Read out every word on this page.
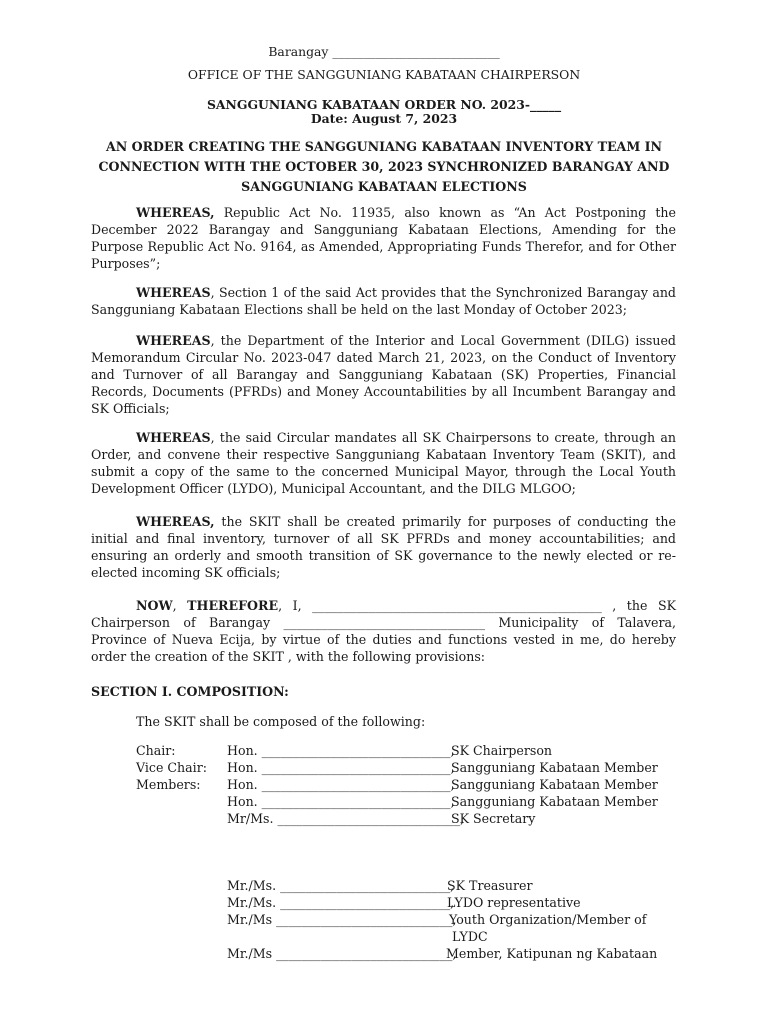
Barangay ___________________________
OFFICE OF THE SANGGUNIANG KABATAAN CHAIRPERSON
SANGGUNIANG KABATAAN ORDER NO. 2023-_____
Date: August 7, 2023
AN ORDER CREATING THE SANGGUNIANG KABATAAN INVENTORY TEAM IN
CONNECTION WITH THE OCTOBER 30, 2023 SYNCHRONIZED BARANGAY AND
SANGGUNIANG KABATAAN ELECTIONS
WHEREAS, Republic Act No. 11935, also known as “An Act Postponing the December 2022 Barangay and Sangguniang Kabataan Elections, Amending for the Purpose Republic Act No. 9164, as Amended, Appropriating Funds Therefor, and for Other Purposes”;
WHEREAS, Section 1 of the said Act provides that the Synchronized Barangay and Sangguniang Kabataan Elections shall be held on the last Monday of October 2023;
WHEREAS, the Department of the Interior and Local Government (DILG) issued Memorandum Circular No. 2023-047 dated March 21, 2023, on the Conduct of Inventory and Turnover of all Barangay and Sangguniang Kabataan (SK) Properties, Financial Records, Documents (PFRDs) and Money Accountabilities by all Incumbent Barangay and SK Officials;
WHEREAS, the said Circular mandates all SK Chairpersons to create, through an Order, and convene their respective Sangguniang Kabataan Inventory Team (SKIT), and submit a copy of the same to the concerned Municipal Mayor, through the Local Youth Development Officer (LYDO), Municipal Accountant, and the DILG MLGOO;
WHEREAS, the SKIT shall be created primarily for purposes of conducting the initial and final inventory, turnover of all SK PFRDs and money accountabilities; and ensuring an orderly and smooth transition of SK governance to the newly elected or re-elected incoming SK officials;
NOW, THEREFORE, I, ______________________________________________ , the SK Chairperson of Barangay ________________________________ Municipality of Talavera, Province of Nueva Ecija, by virtue of the duties and functions vested in me, do hereby order the creation of the SKIT , with the following provisions:
SECTION I. COMPOSITION:
The SKIT shall be composed of the following:
Chair:	Hon. ______________________________,
SK Chairperson
Vice Chair: Hon. ______________________________,
Sangguniang Kabataan Member
Members: Hon. ______________________________,
Sangguniang Kabataan Member
Hon. ______________________________,
Sangguniang Kabataan Member
Mr/Ms. _____________________________,
SK Secretary
Mr./Ms. ___________________________,
SK Treasurer
Mr./Ms. ___________________________,
LYDO representative
Mr./Ms ____________________________,
Youth Organization/Member of
LYDC
Mr./Ms ____________________________,
Member, Katipunan ng Kabataan
